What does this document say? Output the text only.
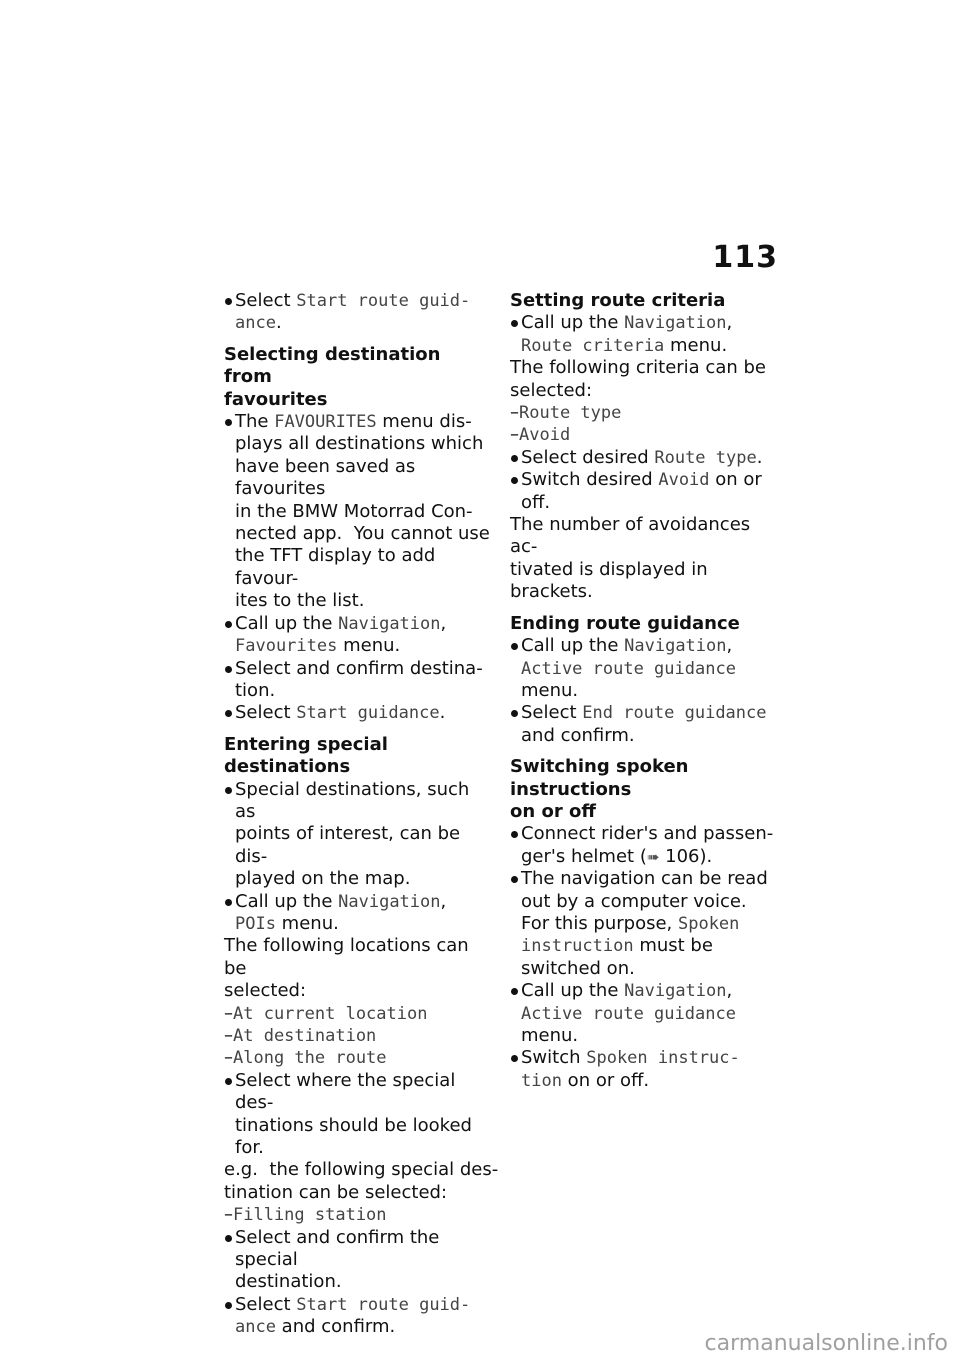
113
Select Start route guid-
ance.
Selecting destination from
favourites
The FAVOURITES menu dis-
plays all destinations which
have been saved as favourites
in the BMW Motorrad Con-
nected app.  You cannot use
the TFT display to add favour-
ites to the list.
Call up the Navigation,
Favourites menu.
Select and confirm destina-
tion.
Select Start guidance.
Entering special destinations
Special destinations, such as
points of interest, can be dis-
played on the map.
Call up the Navigation,
POIs menu.
The following locations can be
selected:
–At current location
–At destination
–Along the route
Select where the special des-
tinations should be looked for.
e.g.  the following special des-
tination can be selected:
–Filling station
Select and confirm the special
destination.
Select Start route guid-
ance and confirm.
Setting route criteria
Call up the Navigation,
Route criteria menu.
The following criteria can be
selected:
–Route type
–Avoid
Select desired Route type.
Switch desired Avoid on or
off.
The number of avoidances ac-
tivated is displayed in brackets.
Ending route guidance
Call up the Navigation,
Active route guidance
menu.
Select End route guidance
and confirm.
Switching spoken instructions
on or off
Connect rider's and passen-
ger's helmet (➠ 106).
The navigation can be read
out by a computer voice.
For this purpose, Spoken
instruction must be
switched on.
Call up the Navigation,
Active route guidance
menu.
Switch Spoken instruc-
tion on or off.
carmanualsonline.info
